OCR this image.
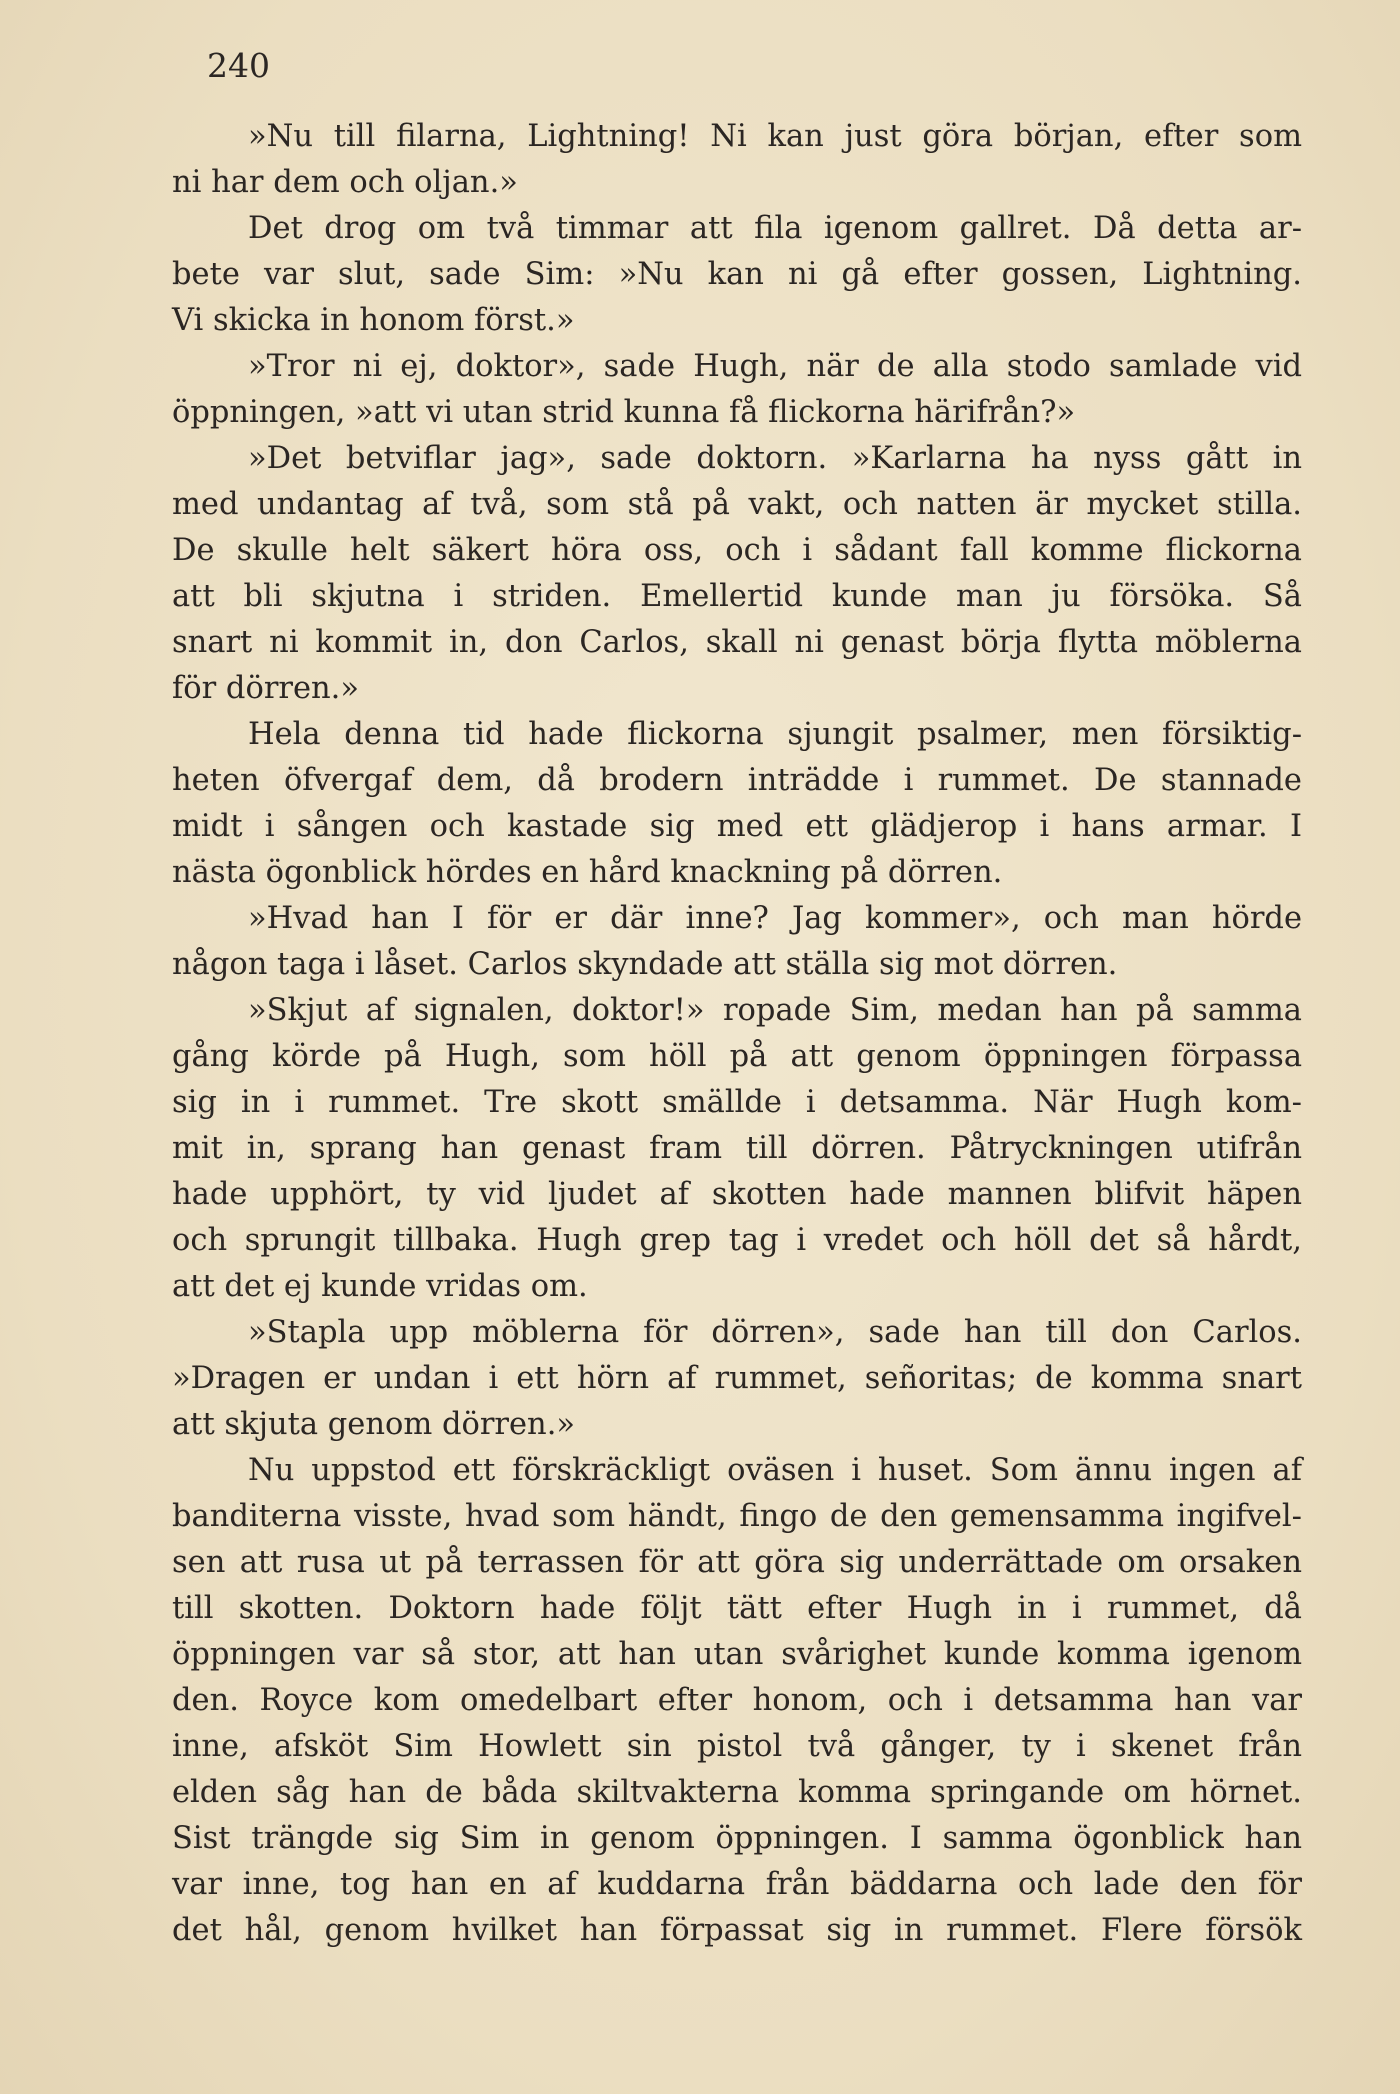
240
»Nu till filarna, Lightning! Ni kan just göra början, efter som
ni har dem och oljan.»
Det drog om två timmar att fila igenom gallret. Då detta ar-
bete var slut, sade Sim: »Nu kan ni gå efter gossen, Lightning.
Vi skicka in honom först.»
»Tror ni ej, doktor», sade Hugh, när de alla stodo samlade vid
öppningen, »att vi utan strid kunna få flickorna härifrån?»
»Det betviflar jag», sade doktorn. »Karlarna ha nyss gått in
med undantag af två, som stå på vakt, och natten är mycket stilla.
De skulle helt säkert höra oss, och i sådant fall komme flickorna
att bli skjutna i striden. Emellertid kunde man ju försöka. Så
snart ni kommit in, don Carlos, skall ni genast börja flytta möblerna
för dörren.»
Hela denna tid hade flickorna sjungit psalmer, men försiktig-
heten öfvergaf dem, då brodern inträdde i rummet. De stannade
midt i sången och kastade sig med ett glädjerop i hans armar. I
nästa ögonblick hördes en hård knackning på dörren.
»Hvad han I för er där inne? Jag kommer», och man hörde
någon taga i låset. Carlos skyndade att ställa sig mot dörren.
»Skjut af signalen, doktor!» ropade Sim, medan han på samma
gång körde på Hugh, som höll på att genom öppningen förpassa
sig in i rummet. Tre skott smällde i detsamma. När Hugh kom-
mit in, sprang han genast fram till dörren. Påtryckningen utifrån
hade upphört, ty vid ljudet af skotten hade mannen blifvit häpen
och sprungit tillbaka. Hugh grep tag i vredet och höll det så hårdt,
att det ej kunde vridas om.
»Stapla upp möblerna för dörren», sade han till don Carlos.
»Dragen er undan i ett hörn af rummet, señoritas; de komma snart
att skjuta genom dörren.»
Nu uppstod ett förskräckligt oväsen i huset. Som ännu ingen af
banditerna visste, hvad som händt, fingo de den gemensamma ingifvel-
sen att rusa ut på terrassen för att göra sig underrättade om orsaken
till skotten. Doktorn hade följt tätt efter Hugh in i rummet, då
öppningen var så stor, att han utan svårighet kunde komma igenom
den. Royce kom omedelbart efter honom, och i detsamma han var
inne, afsköt Sim Howlett sin pistol två gånger, ty i skenet från
elden såg han de båda skiltvakterna komma springande om hörnet.
Sist trängde sig Sim in genom öppningen. I samma ögonblick han
var inne, tog han en af kuddarna från bäddarna och lade den för
det hål, genom hvilket han förpassat sig in rummet. Flere försök
